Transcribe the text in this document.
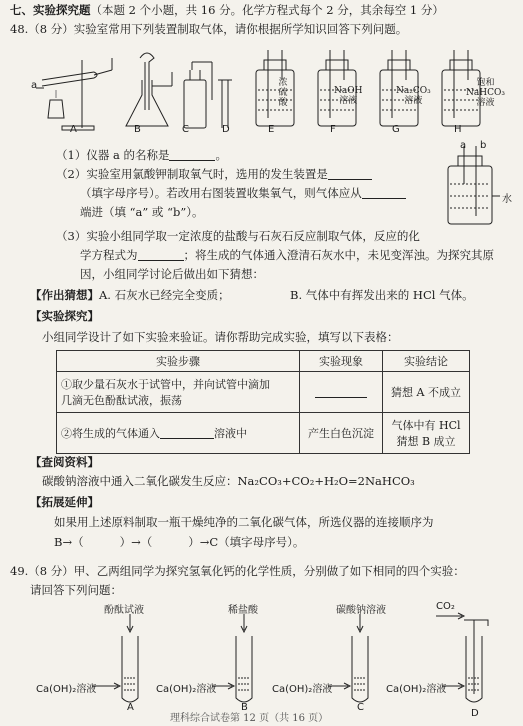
七、实验探究题（本题 2 个小题，共 16 分。化学方程式每个 2 分，其余每空 1 分）
48.（8 分）实验室常用下列装置制取气体，请你根据所学知识回答下列问题。
a	浓
硫
酸
NaOH
溶液
Na₂CO₃
溶液
饱和
NaHCO₃
溶液
A	B	C	D	E	F	G	H
a b
水
（1）仪器 a 的名称是	。
（2）实验室用氯酸钾制取氧气时，选用的发生装置是
（填字母序号）。若改用右图装置收集氧气，则气体应从
端进（填 “a” 或 “b”）。
（3）实验小组同学取一定浓度的盐酸与石灰石反应制取气体，反应的化
学方程式为	；将生成的气体通入澄清石灰水中，未见变浑浊。为探究其原
因，小组同学讨论后做出如下猜想：
【作出猜想】A. 石灰水已经完全变质；	B. 气体中有挥发出来的 HCl 气体。
【实验探究】
小组同学设计了如下实验来验证。请你帮助完成实验，填写以下表格：
实验步骤	实验现象	实验结论

①取少量石灰水于试管中，并向试管中滴加
几滴无色酚酞试液，振荡		猜想 A 不成立
②将生成的气体通入 溶液中	产生白色沉淀	气体中有 HCl
猜想 B 成立
【查阅资料】
碳酸钠溶液中通入二氧化碳发生反应：Na₂CO₃+CO₂+H₂O=2NaHCO₃
【拓展延伸】
如果用上述原料制取一瓶干燥纯净的二氧化碳气体，所选仪器的连接顺序为
B→（	）→（	）→C（填字母序号）。
49.（8 分）甲、乙两组同学为探究氢氧化钙的化学性质，分别做了如下相同的四个实验：
请回答下列问题：
酚酞试液	稀盐酸	碳酸钠溶液	CO₂
Ca(OH)₂溶液	Ca(OH)₂溶液	Ca(OH)₂溶液	Ca(OH)₂溶液
A	B	C
D
理科综合试卷第 12 页（共 16 页）
